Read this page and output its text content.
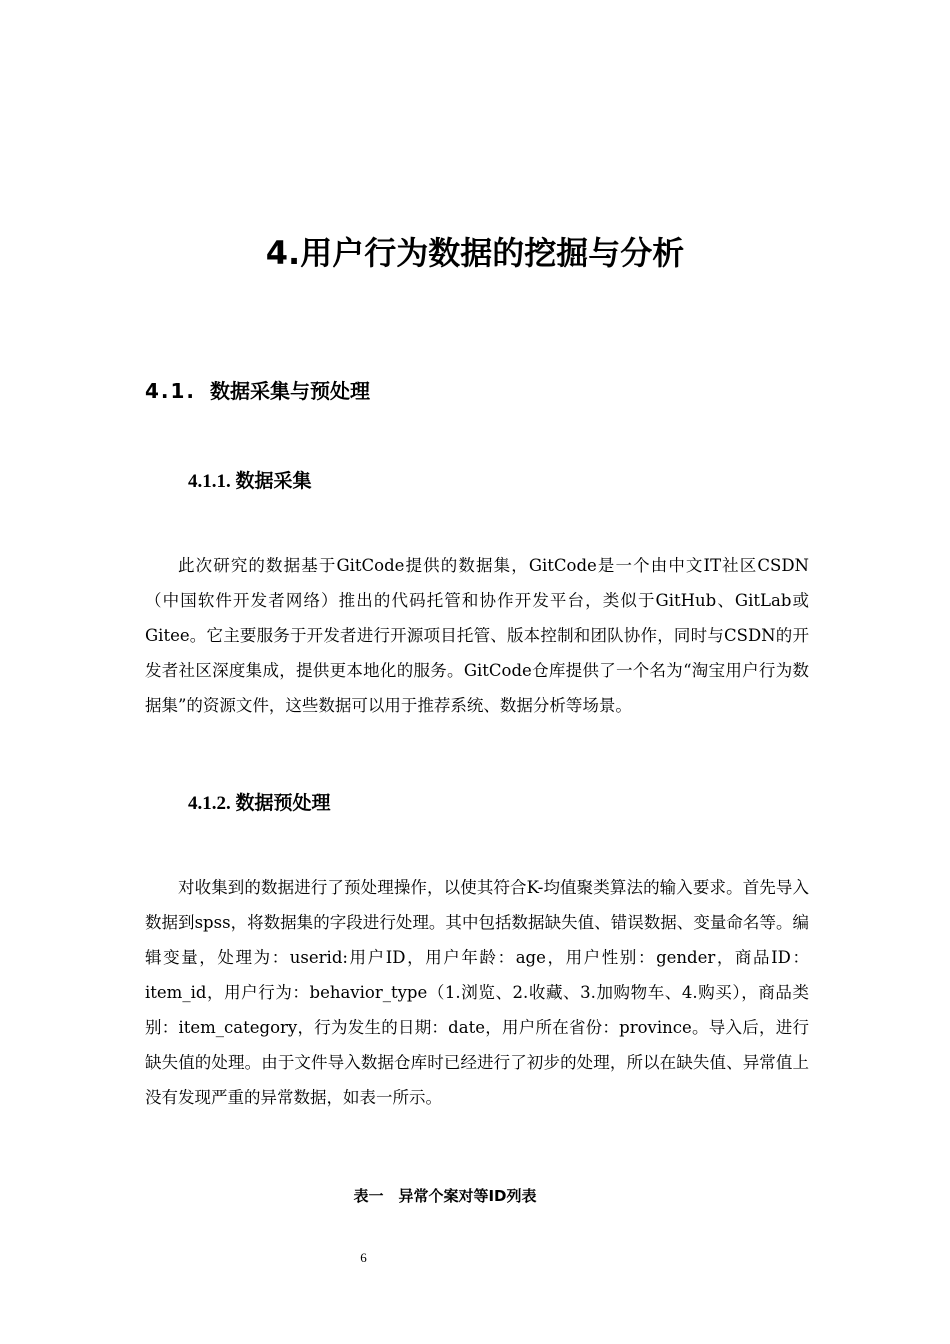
4.用户行为数据的挖掘与分析
4.1. 数据采集与预处理
4.1.1. 数据采集

此次研究的数据基于GitCode提供的数据集，GitCode是一个由中文IT社区CSDN（中国软件开发者网络）推出的代码托管和协作开发平台，类似于GitHub、GitLab或Gitee。它主要服务于开发者进行开源项目托管、版本控制和团队协作，同时与CSDN的开发者社区深度集成，提供更本地化的服务。GitCode仓库提供了一个名为“淘宝用户行为数据集”的资源文件，这些数据可以用于推荐系统、数据分析等场景。

4.1.2. 数据预处理

对收集到的数据进行了预处理操作，以使其符合K-均值聚类算法的输入要求。首先导入数据到spss，将数据集的字段进行处理。其中包括数据缺失值、错误数据、变量命名等。编辑变量，处理为：userid:用户ID，用户年龄：age，用户性别：gender，商品ID：item_id，用户行为：behavior_type（1.浏览、2.收藏、3.加购物车、4.购买），商品类别：item_category，行为发生的日期：date，用户所在省份：province。导入后，进行缺失值的处理。由于文件导入数据仓库时已经进行了初步的处理，所以在缺失值、异常值上没有发现严重的异常数据，如表一所示。

表一　异常个案对等ID列表

6
